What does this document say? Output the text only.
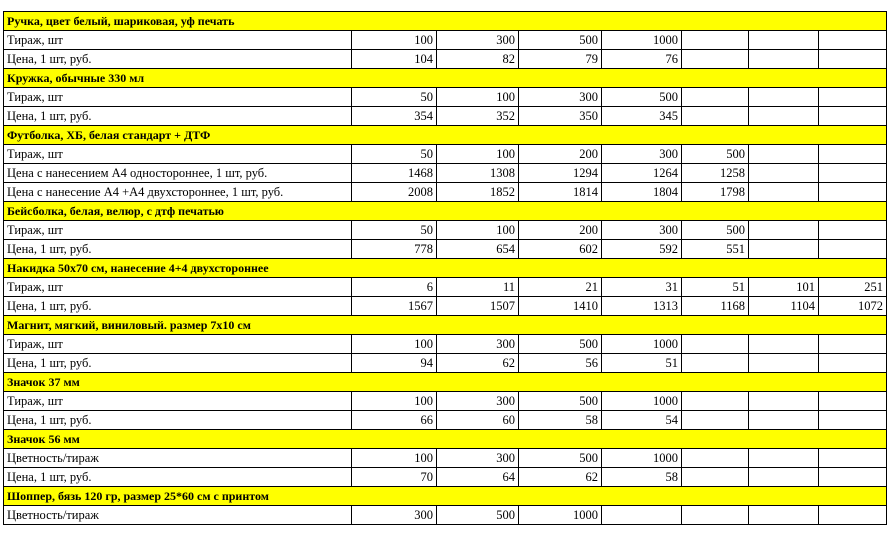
Ручка, цвет белый, шариковая, уф печать							
Тираж, шт	100	300	500	1000			
Цена, 1 шт, руб.	104	82	79	76			
Кружка, обычные 330 мл							
Тираж, шт	50	100	300	500			
Цена, 1 шт, руб.	354	352	350	345			
Футболка, ХБ, белая стандарт + ДТФ							
Тираж, шт	50	100	200	300	500		
Цена с нанесением А4 одностороннее, 1 шт, руб.	1468	1308	1294	1264	1258		
Цена с нанесение А4 +А4 двухстороннее, 1 шт, руб.	2008	1852	1814	1804	1798		
Бейсболка, белая, велюр, с дтф печатью							
Тираж, шт	50	100	200	300	500		
Цена, 1 шт, руб.	778	654	602	592	551		
Накидка 50х70 см, нанесение 4+4 двухстороннее							
Тираж, шт	6	11	21	31	51	101	251
Цена, 1 шт, руб.	1567	1507	1410	1313	1168	1104	1072
Магнит, мягкий, виниловый. размер 7х10 см							
Тираж, шт	100	300	500	1000			
Цена, 1 шт, руб.	94	62	56	51			
Значок 37 мм							
Тираж, шт	100	300	500	1000			
Цена, 1 шт, руб.	66	60	58	54			
Значок 56 мм							
Цветность/тираж	100	300	500	1000			
Цена, 1 шт, руб.	70	64	62	58			
Шоппер, бязь 120 гр, размер 25*60 см с принтом							
Цветность/тираж	300	500	1000				
